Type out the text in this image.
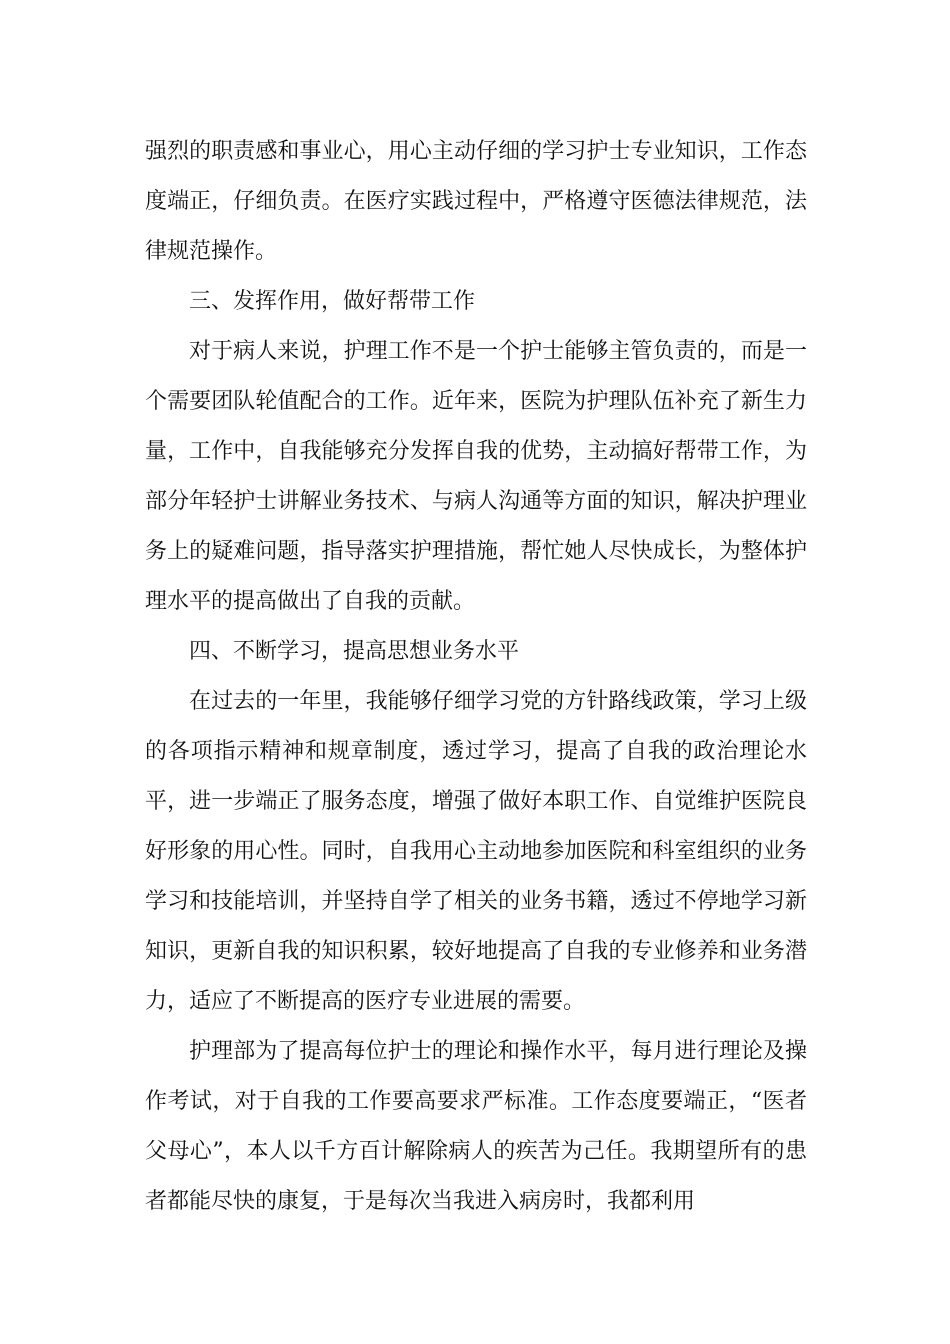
强烈的职责感和事业心，用心主动仔细的学习护士专业知识，工作态度端正，仔细负责。在医疗实践过程中，严格遵守医德法律规范，法律规范操作。

三、发挥作用，做好帮带工作

对于病人来说，护理工作不是一个护士能够主管负责的，而是一个需要团队轮值配合的工作。近年来，医院为护理队伍补充了新生力量，工作中，自我能够充分发挥自我的优势，主动搞好帮带工作，为部分年轻护士讲解业务技术、与病人沟通等方面的知识，解决护理业务上的疑难问题，指导落实护理措施，帮忙她人尽快成长，为整体护理水平的提高做出了自我的贡献。

四、不断学习，提高思想业务水平

在过去的一年里，我能够仔细学习党的方针路线政策，学习上级的各项指示精神和规章制度，透过学习，提高了自我的政治理论水平，进一步端正了服务态度，增强了做好本职工作、自觉维护医院良好形象的用心性。同时，自我用心主动地参加医院和科室组织的业务学习和技能培训，并坚持自学了相关的业务书籍，透过不停地学习新知识，更新自我的知识积累，较好地提高了自我的专业修养和业务潜力，适应了不断提高的医疗专业进展的需要。

护理部为了提高每位护士的理论和操作水平，每月进行理论及操作考试，对于自我的工作要高要求严标准。工作态度要端正，“医者父母心”，本人以千方百计解除病人的疾苦为己任。我期望所有的患者都能尽快的康复，于是每次当我进入病房时，我都利用
